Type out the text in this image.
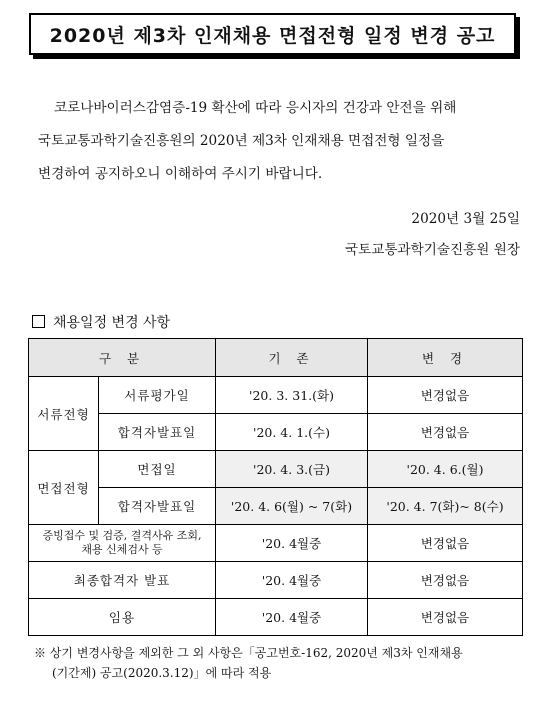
2020년 제3차 인재채용 면접전형 일정 변경 공고
코로나바이러스감염증-19 확산에 따라 응시자의 건강과 안전을 위해
국토교통과학기술진흥원의 2020년 제3차 인재채용 면접전형 일정을
변경하여 공지하오니 이해하여 주시기 바랍니다.
2020년 3월 25일
국토교통과학기술진흥원 원장
채용일정 변경 사항
구 분		기 존	변 경
서류전형	서류평가일	'20. 3. 31.(화)	변경없음
	합격자발표일	'20. 4. 1.(수)	변경없음
면접전형	면접일	'20. 4. 3.(금)	'20. 4. 6.(월)
	합격자발표일	'20. 4. 6(월) ~ 7(화)	'20. 4. 7(화)~ 8(수)

증빙접수 및 검증, 결격사유 조회,
채용 신체검사 등		'20. 4월중	변경없음
최종합격자 발표		'20. 4월중	변경없음
임용		'20. 4월중	변경없음
※ 상기 변경사항을 제외한 그 외 사항은「공고번호-162, 2020년 제3차 인재채용
(기간제) 공고(2020.3.12)」에 따라 적용
